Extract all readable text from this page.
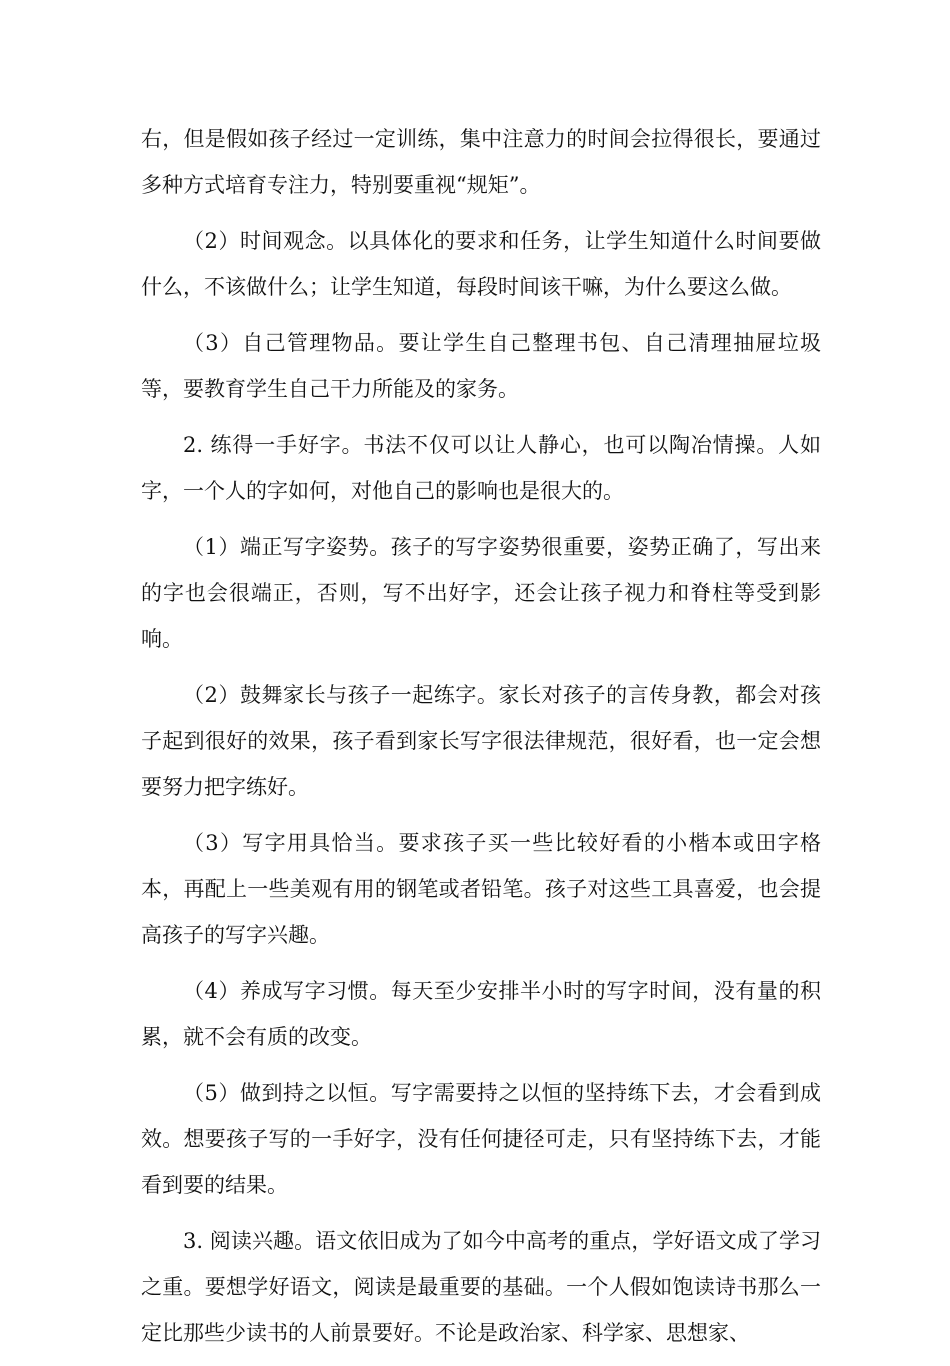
右，但是假如孩子经过一定训练，集中注意力的时间会拉得很长，要通过多种方式培育专注力，特别要重视“规矩”。

（2）时间观念。以具体化的要求和任务，让学生知道什么时间要做什么，不该做什么；让学生知道，每段时间该干嘛，为什么要这么做。

（3）自己管理物品。要让学生自己整理书包、自己清理抽屉垃圾等，要教育学生自己干力所能及的家务。

2. 练得一手好字。书法不仅可以让人静心，也可以陶冶情操。人如字，一个人的字如何，对他自己的影响也是很大的。

（1）端正写字姿势。孩子的写字姿势很重要，姿势正确了，写出来的字也会很端正，否则，写不出好字，还会让孩子视力和脊柱等受到影响。

（2）鼓舞家长与孩子一起练字。家长对孩子的言传身教，都会对孩子起到很好的效果，孩子看到家长写字很法律规范，很好看，也一定会想要努力把字练好。

（3）写字用具恰当。要求孩子买一些比较好看的小楷本或田字格本，再配上一些美观有用的钢笔或者铅笔。孩子对这些工具喜爱，也会提高孩子的写字兴趣。

（4）养成写字习惯。每天至少安排半小时的写字时间，没有量的积累，就不会有质的改变。

（5）做到持之以恒。写字需要持之以恒的坚持练下去，才会看到成效。想要孩子写的一手好字，没有任何捷径可走，只有坚持练下去，才能看到要的结果。

3. 阅读兴趣。语文依旧成为了如今中高考的重点，学好语文成了学习之重。要想学好语文，阅读是最重要的基础。一个人假如饱读诗书那么一定比那些少读书的人前景要好。不论是政治家、科学家、思想家、
